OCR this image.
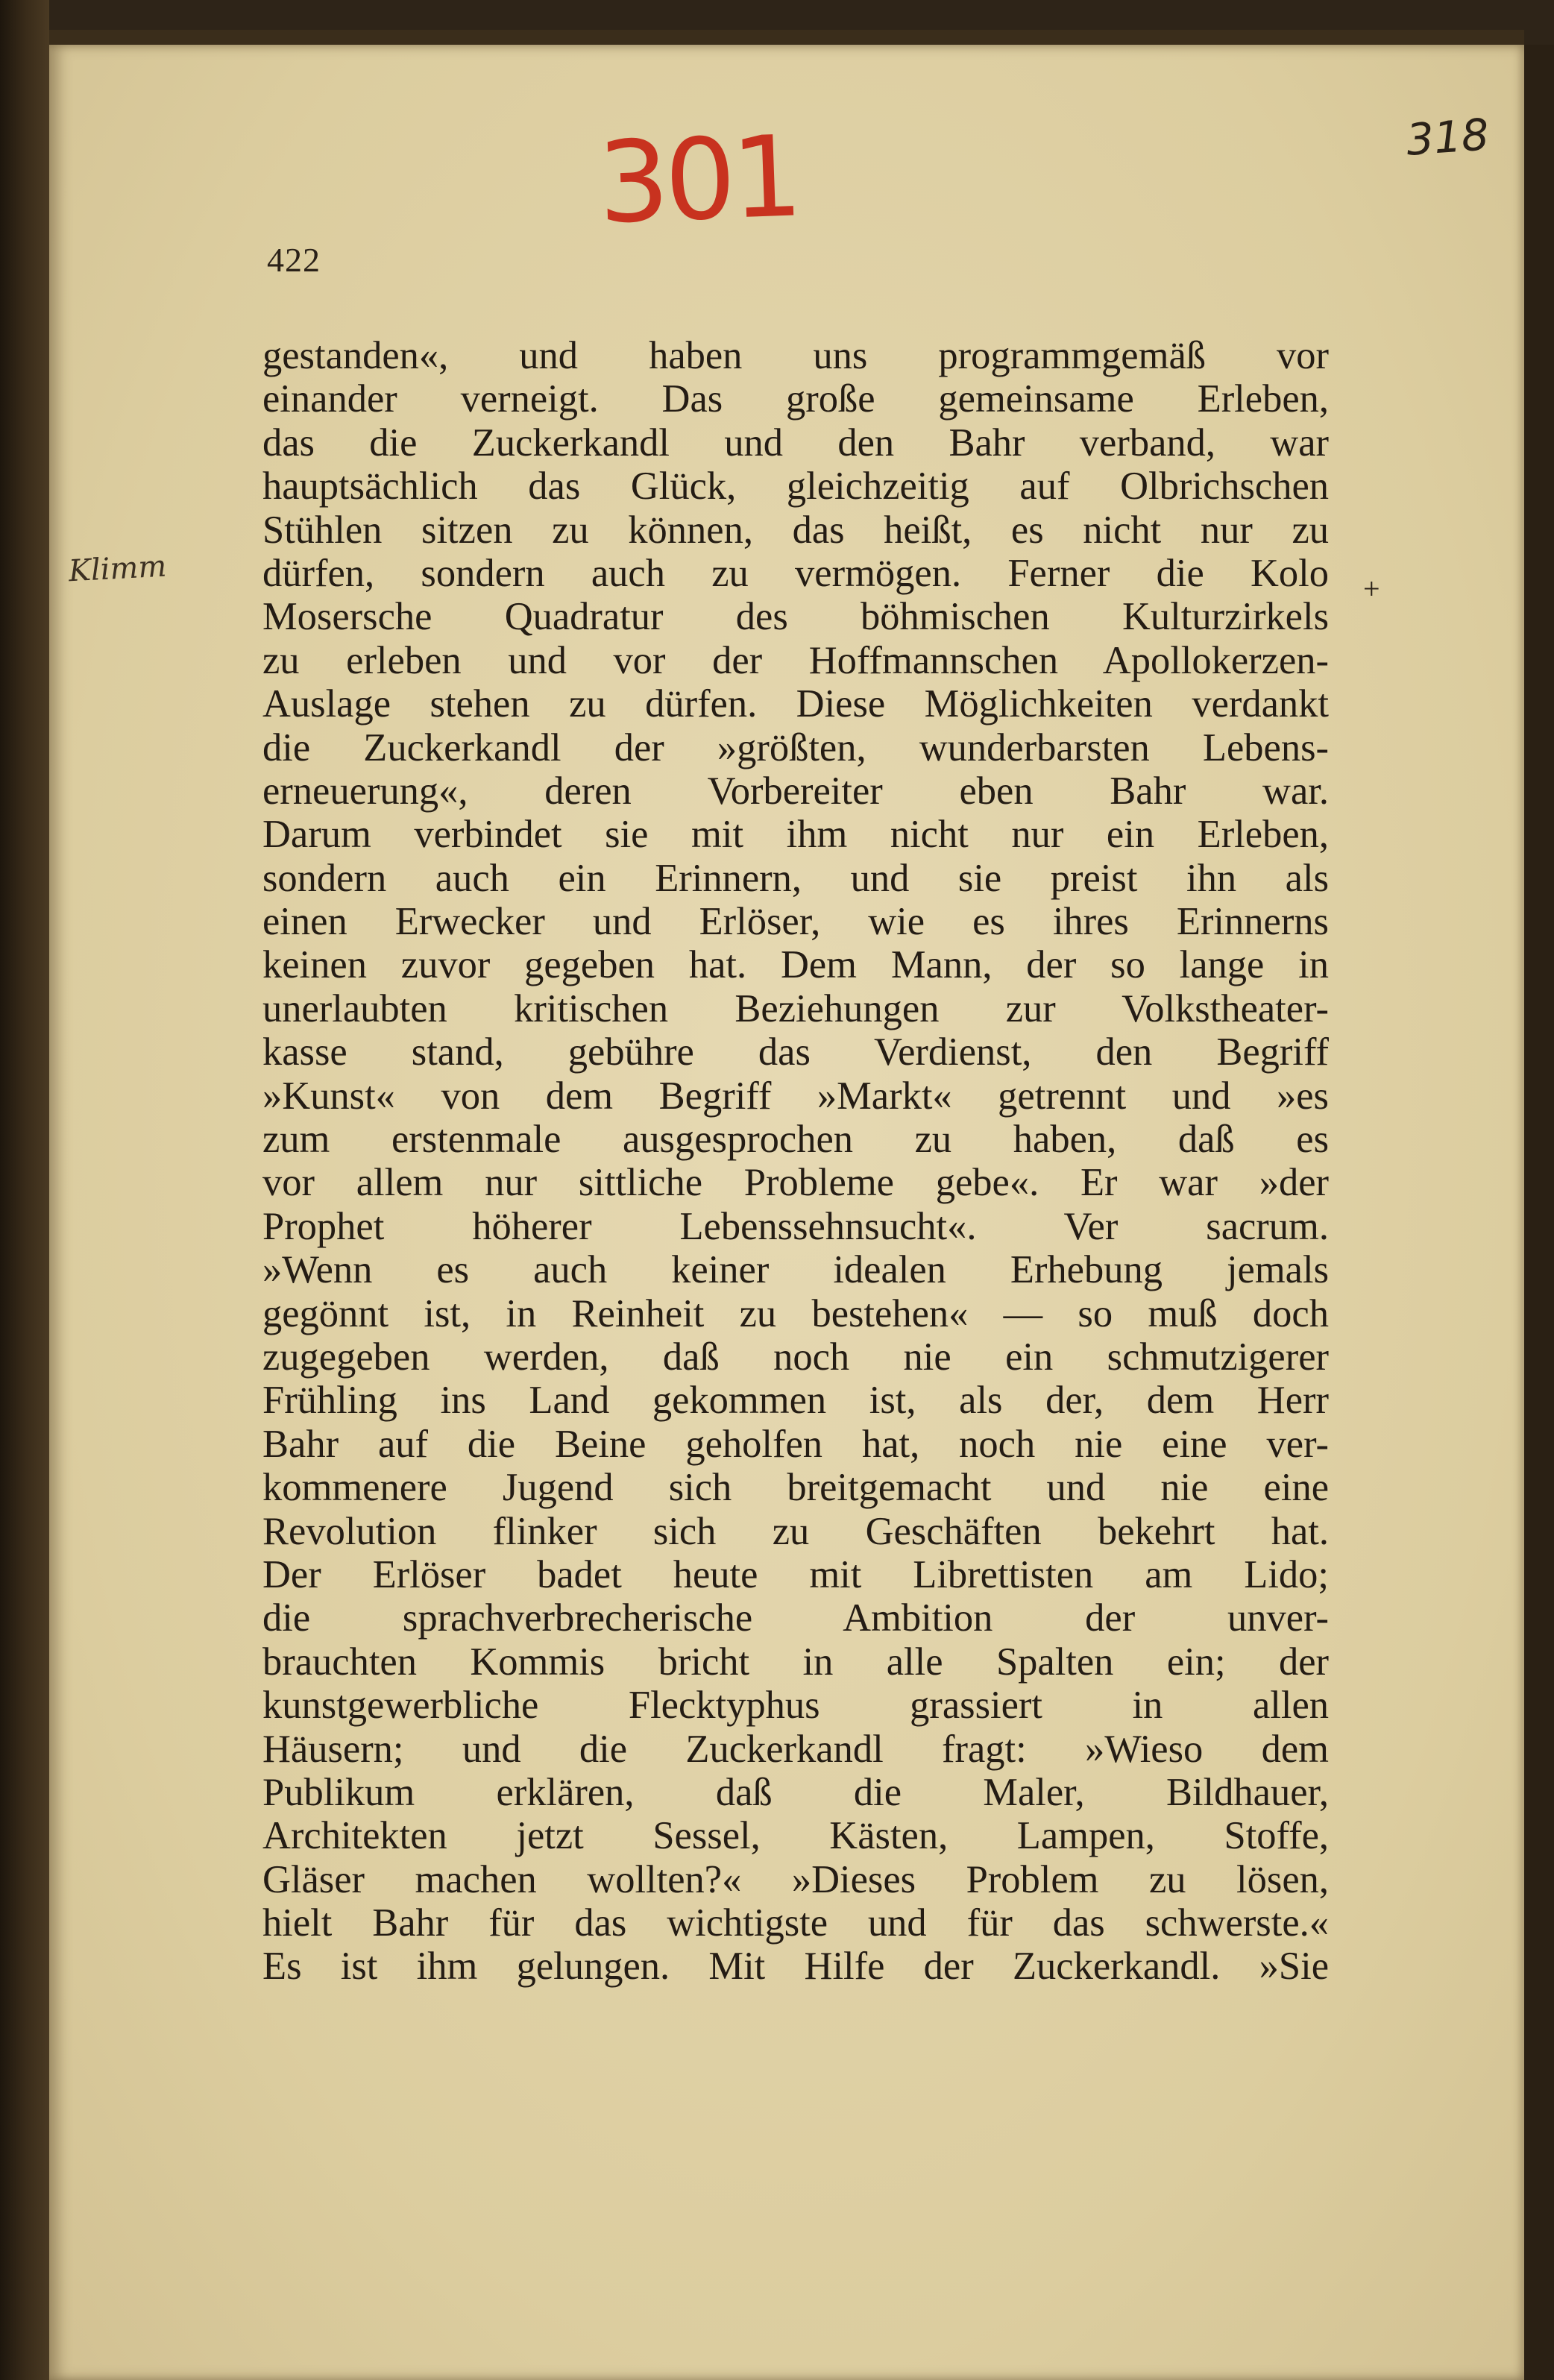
301	318
422
Klimm
+
gestanden«, und haben uns programmgemäß vor
einander verneigt. Das große gemeinsame Erleben,
das die Zuckerkandl und den Bahr verband, war
hauptsächlich das Glück, gleichzeitig auf Olbrichschen
Stühlen sitzen zu können, das heißt, es nicht nur zu
dürfen, sondern auch zu vermögen. Ferner die Kolo
Mosersche Quadratur des böhmischen Kulturzirkels
zu erleben und vor der Hoffmannschen Apollokerzen-
Auslage stehen zu dürfen. Diese Möglichkeiten verdankt
die Zuckerkandl der »größten, wunderbarsten Lebens-
erneuerung«, deren Vorbereiter eben Bahr war.
Darum verbindet sie mit ihm nicht nur ein Erleben,
sondern auch ein Erinnern, und sie preist ihn als
einen Erwecker und Erlöser, wie es ihres Erinnerns
keinen zuvor gegeben hat. Dem Mann, der so lange in
unerlaubten kritischen Beziehungen zur Volkstheater-
kasse stand, gebühre das Verdienst, den Begriff
»Kunst« von dem Begriff »Markt« getrennt und »es
zum erstenmale ausgesprochen zu haben, daß es
vor allem nur sittliche Probleme gebe«. Er war »der
Prophet höherer Lebenssehnsucht«. Ver sacrum.
»Wenn es auch keiner idealen Erhebung jemals
gegönnt ist, in Reinheit zu bestehen« — so muß doch
zugegeben werden, daß noch nie ein schmutzigerer
Frühling ins Land gekommen ist, als der, dem Herr
Bahr auf die Beine geholfen hat, noch nie eine ver-
kommenere Jugend sich breitgemacht und nie eine
Revolution flinker sich zu Geschäften bekehrt hat.
Der Erlöser badet heute mit Librettisten am Lido;
die sprachverbrecherische Ambition der unver-
brauchten Kommis bricht in alle Spalten ein; der
kunstgewerbliche Flecktyphus grassiert in allen
Häusern; und die Zuckerkandl fragt: »Wieso dem
Publikum erklären, daß die Maler, Bildhauer,
Architekten jetzt Sessel, Kästen, Lampen, Stoffe,
Gläser machen wollten?« »Dieses Problem zu lösen,
hielt Bahr für das wichtigste und für das schwerste.«
Es ist ihm gelungen. Mit Hilfe der Zuckerkandl. »Sie
